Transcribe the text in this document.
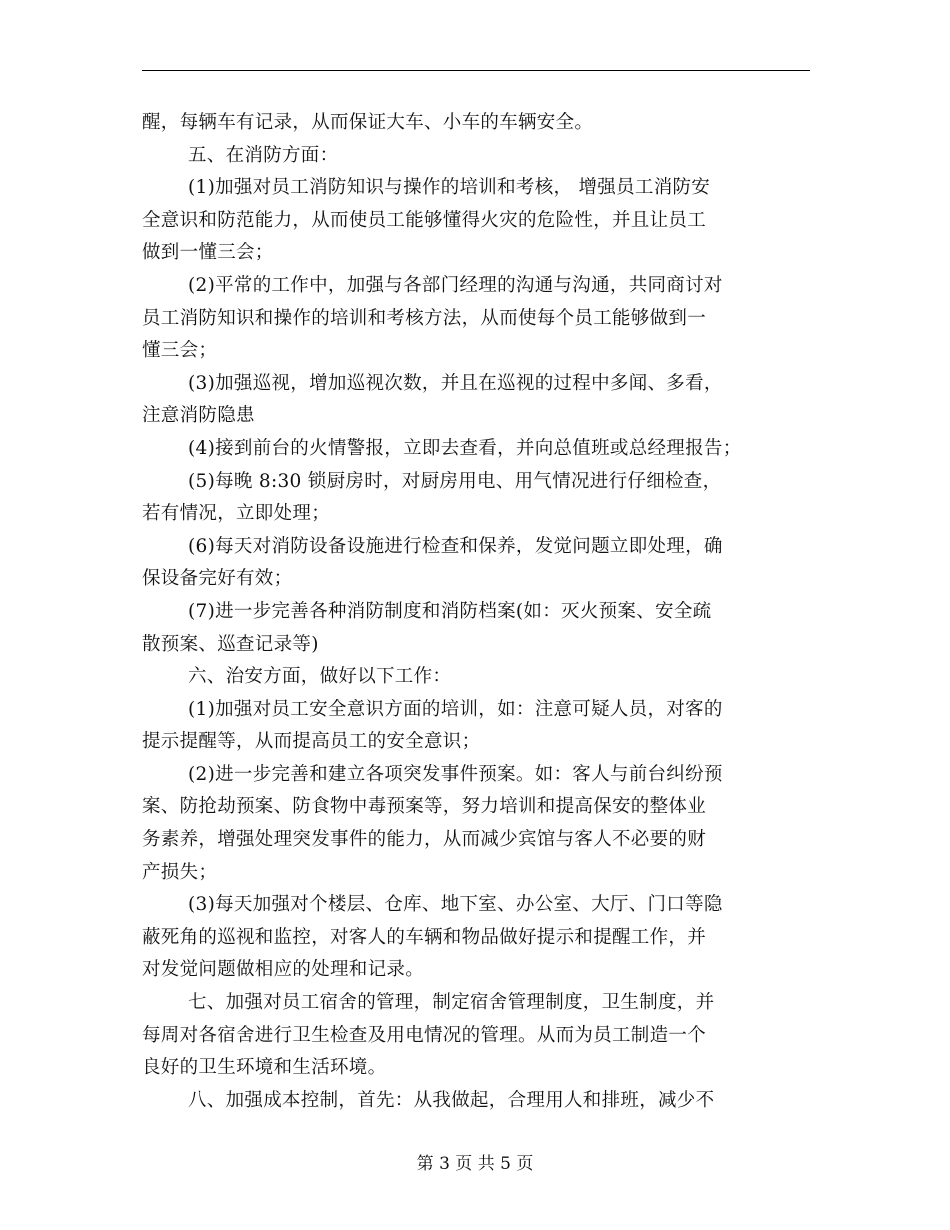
醒，每辆车有记录，从而保证大车、小车的车辆安全。
五、在消防方面：
(1)加强对员工消防知识与操作的培训和考核， 增强员工消防安
全意识和防范能力，从而使员工能够懂得火灾的危险性，并且让员工
做到一懂三会；
(2)平常的工作中，加强与各部门经理的沟通与沟通，共同商讨对
员工消防知识和操作的培训和考核方法，从而使每个员工能够做到一
懂三会；
(3)加强巡视，增加巡视次数，并且在巡视的过程中多闻、多看，
注意消防隐患
(4)接到前台的火情警报，立即去查看，并向总值班或总经理报告；
(5)每晚 8:30 锁厨房时，对厨房用电、用气情况进行仔细检查，
若有情况，立即处理；
(6)每天对消防设备设施进行检查和保养，发觉问题立即处理，确
保设备完好有效；
(7)进一步完善各种消防制度和消防档案(如：灭火预案、安全疏
散预案、巡查记录等)
六、治安方面，做好以下工作：
(1)加强对员工安全意识方面的培训，如：注意可疑人员，对客的
提示提醒等，从而提高员工的安全意识；
(2)进一步完善和建立各项突发事件预案。如：客人与前台纠纷预
案、防抢劫预案、防食物中毒预案等，努力培训和提高保安的整体业
务素养，增强处理突发事件的能力，从而减少宾馆与客人不必要的财
产损失；
(3)每天加强对个楼层、仓库、地下室、办公室、大厅、门口等隐
蔽死角的巡视和监控，对客人的车辆和物品做好提示和提醒工作，并
对发觉问题做相应的处理和记录。
七、加强对员工宿舍的管理，制定宿舍管理制度，卫生制度，并
每周对各宿舍进行卫生检查及用电情况的管理。从而为员工制造一个
良好的卫生环境和生活环境。
八、加强成本控制，首先：从我做起，合理用人和排班，减少不
第 3 页 共 5 页
